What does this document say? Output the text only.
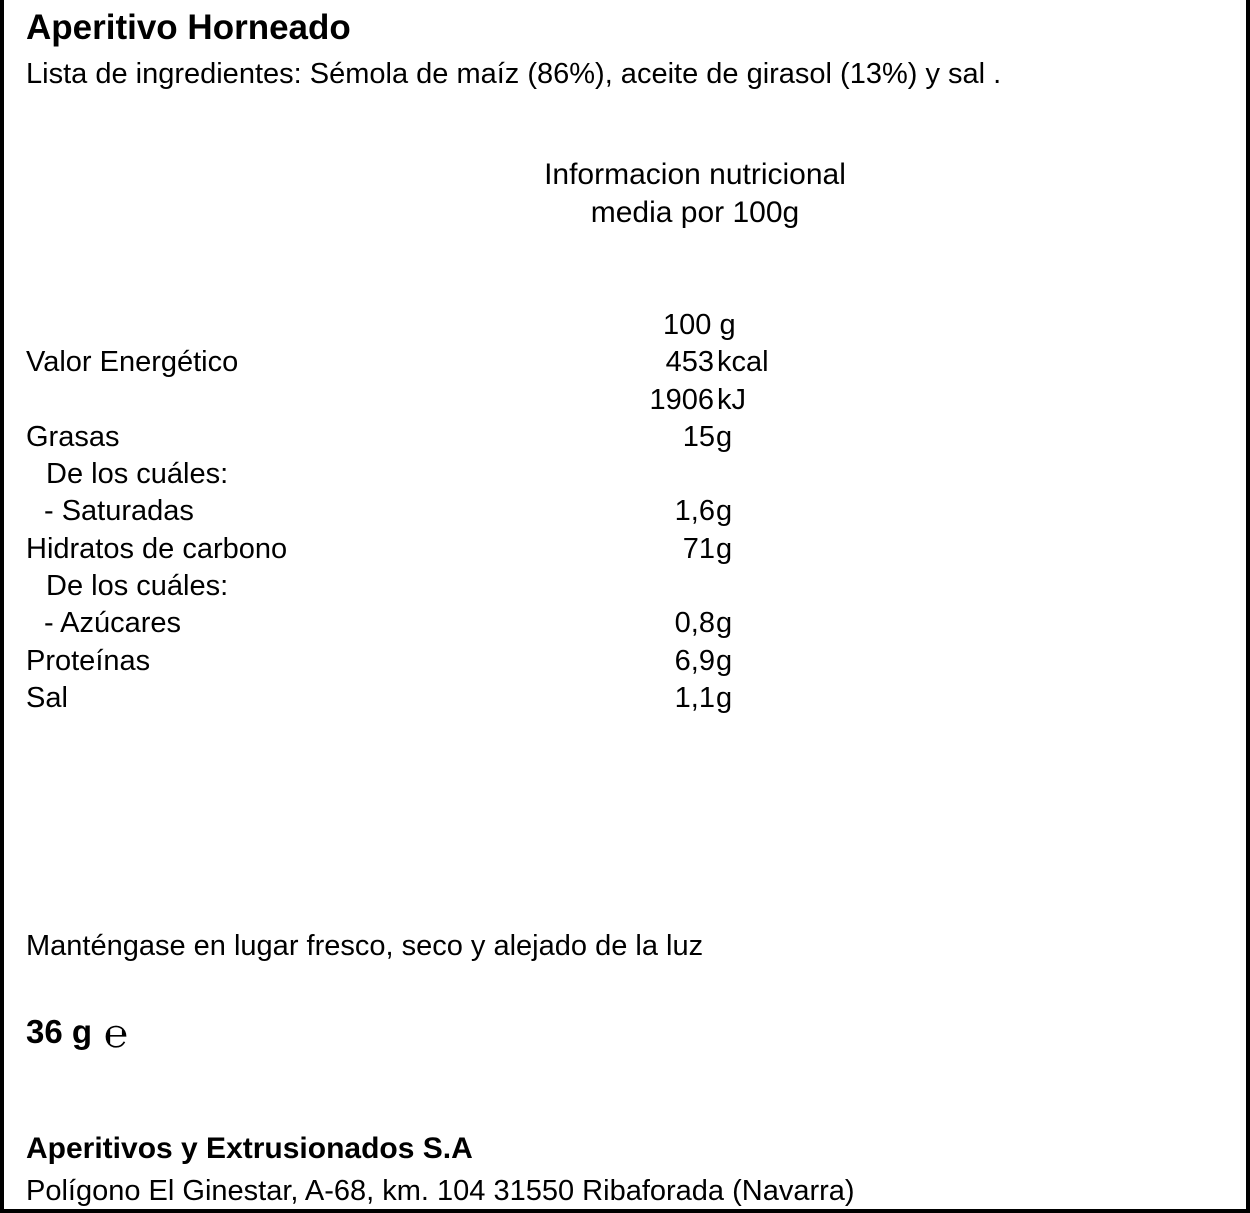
Aperitivo Horneado
Lista de ingredientes: Sémola de maíz (86%), aceite de girasol (13%) y sal .
Informacion nutricional
media por 100g
100 g
Valor Energético	453 kcal
1906 kJ
Grasas	15 g
De los cuáles:
- Saturadas	1,6 g
Hidratos de carbono	71 g
De los cuáles:
- Azúcares	0,8 g
Proteínas	6,9 g
Sal	1,1 g
Manténgase en lugar fresco, seco y alejado de la luz
36 g ℮
Aperitivos y Extrusionados S.A
Polígono El Ginestar, A-68, km. 104 31550 Ribaforada (Navarra)
